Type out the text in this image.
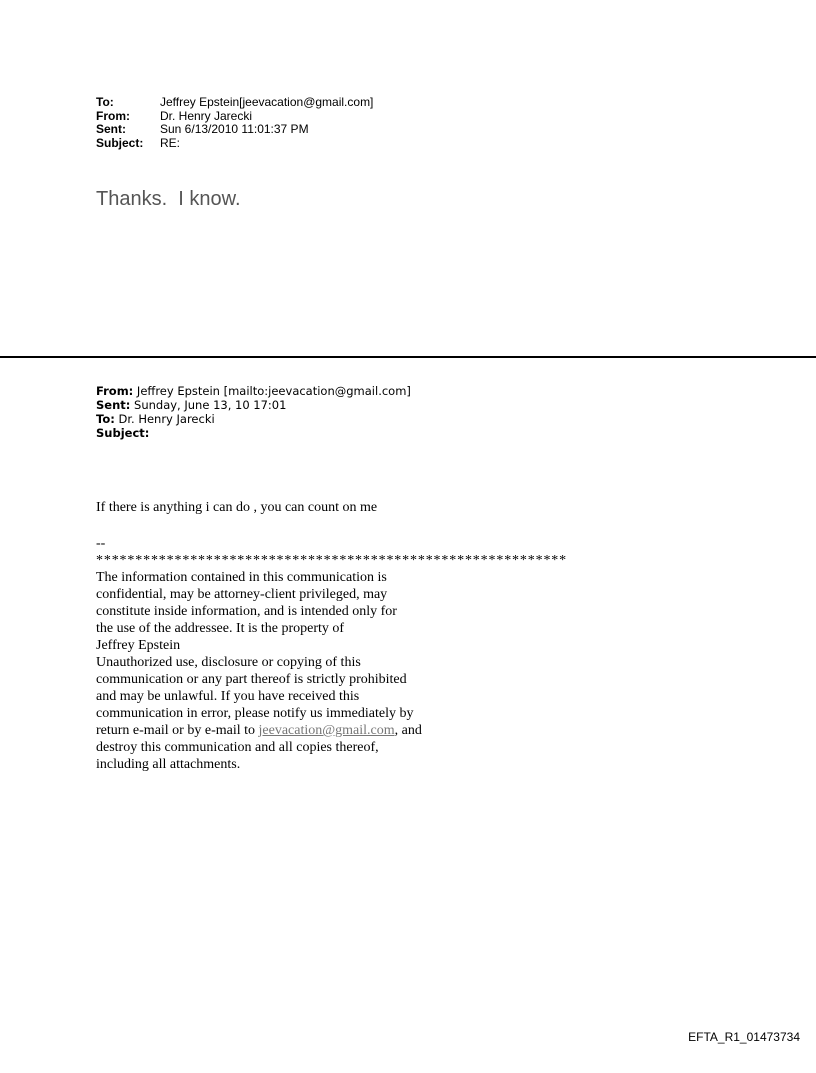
To:	Jeffrey Epstein[jeevacation@gmail.com]
From:	Dr. Henry Jarecki
Sent:	Sun 6/13/2010 11:01:37 PM
Subject:	RE:
Thanks.  I know.
From: Jeffrey Epstein [mailto:jeevacation@gmail.com]
Sent: Sunday, June 13, 10 17:01
To: Dr. Henry Jarecki
Subject:
If there is anything i can do , you can count on me
--
************************************************************
The information contained in this communication is
confidential, may be attorney-client privileged, may
constitute inside information, and is intended only for
the use of the addressee. It is the property of
Jeffrey Epstein
Unauthorized use, disclosure or copying of this
communication or any part thereof is strictly prohibited
and may be unlawful. If you have received this
communication in error, please notify us immediately by
return e-mail or by e-mail to jeevacation@gmail.com, and
destroy this communication and all copies thereof,
including all attachments.
EFTA_R1_01473734
